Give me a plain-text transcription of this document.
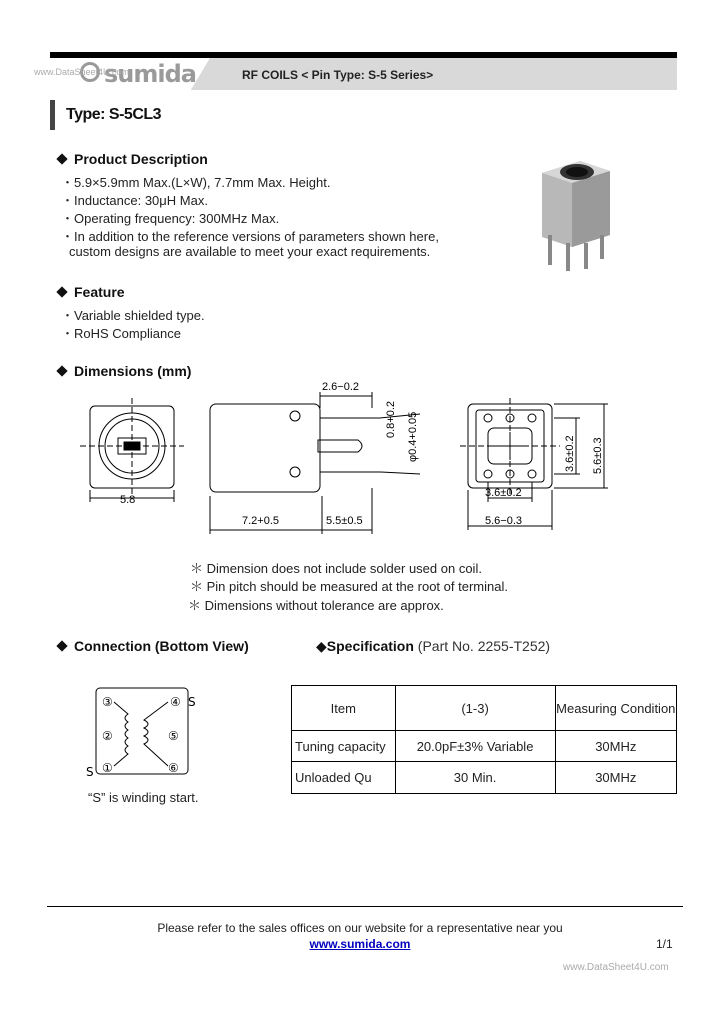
sumida
www.DataSheet4U.com	RF COILS < Pin Type: S-5 Series>
Type: S-5CL3
Product Description
・5.9×5.9mm Max.(L×W), 7.7mm Max. Height.
・Inductance: 30μH Max.
・Operating frequency: 300MHz Max.
・In addition to the reference versions of parameters shown here,
custom designs are available to meet your exact requirements.
Feature
・Variable shielded type.
・RoHS Compliance
Dimensions (mm)
5.8
2.6−0.2
0.8+0.2 φ0.4+0.05
7.2+0.5	5.5±0.5
3.6±0.2 5.6±0.3
3.6±0.2
5.6−0.3
＊ Dimension does not include solder used on coil.
＊ Pin pitch should be measured at the root of terminal.
＊ Dimensions without tolerance are approx.
Connection (Bottom View)
③	④
②	⑤
①	⑥
S
S
“S” is winding start.
◆Specification (Part No. 2255-T252)
Item	(1-3)	Measuring Condition
Tuning capacity	20.0pF±3% Variable	30MHz
Unloaded Qu	30 Min.	30MHz
Please refer to the sales offices on our website for a representative near you
www.sumida.com	1/1
www.DataSheet4U.com
